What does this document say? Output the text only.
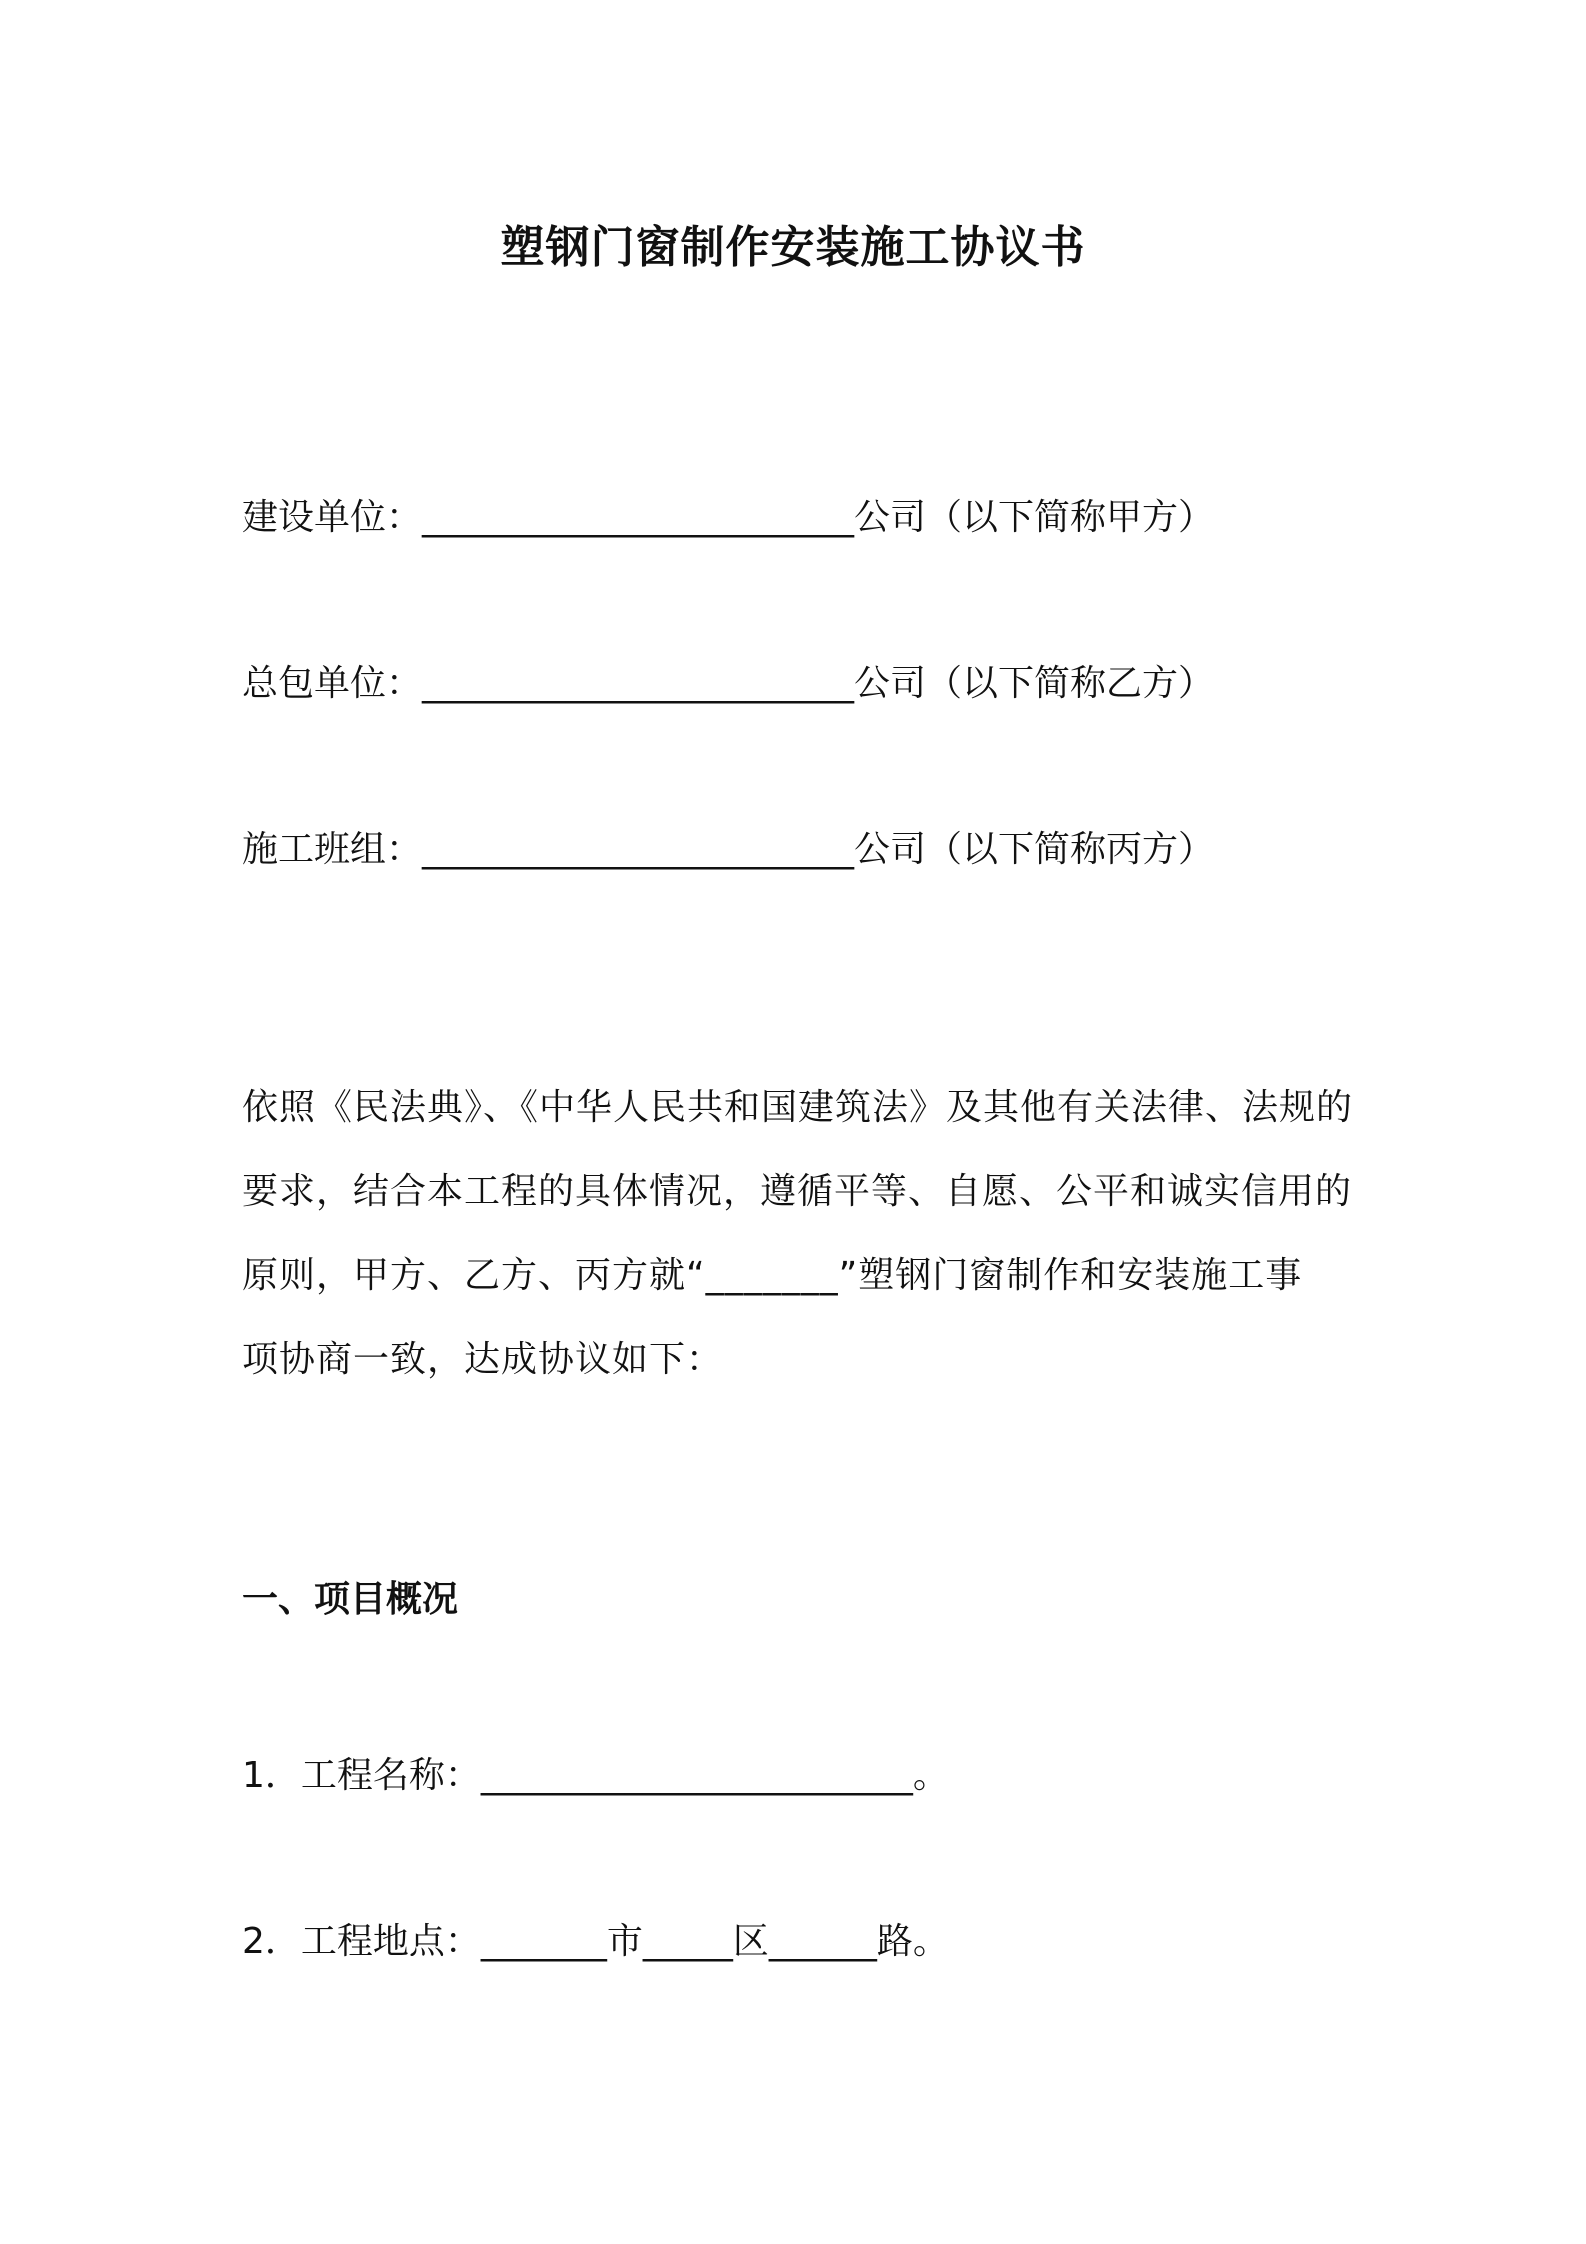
塑钢门窗制作安装施工协议书
建设单位：________________________公司（以下简称甲方）
总包单位：________________________公司（以下简称乙方）
施工班组：________________________公司（以下简称丙方）
依照《民法典》、《中华人民共和国建筑法》及其他有关法律、法规的
要求，结合本工程的具体情况，遵循平等、自愿、公平和诚实信用的
原则，甲方、乙方、丙方就“_______”塑钢门窗制作和安装施工事
项协商一致，达成协议如下：
一、项目概况
1．工程名称：________________________。
2．工程地点：_______市_____区______路。
